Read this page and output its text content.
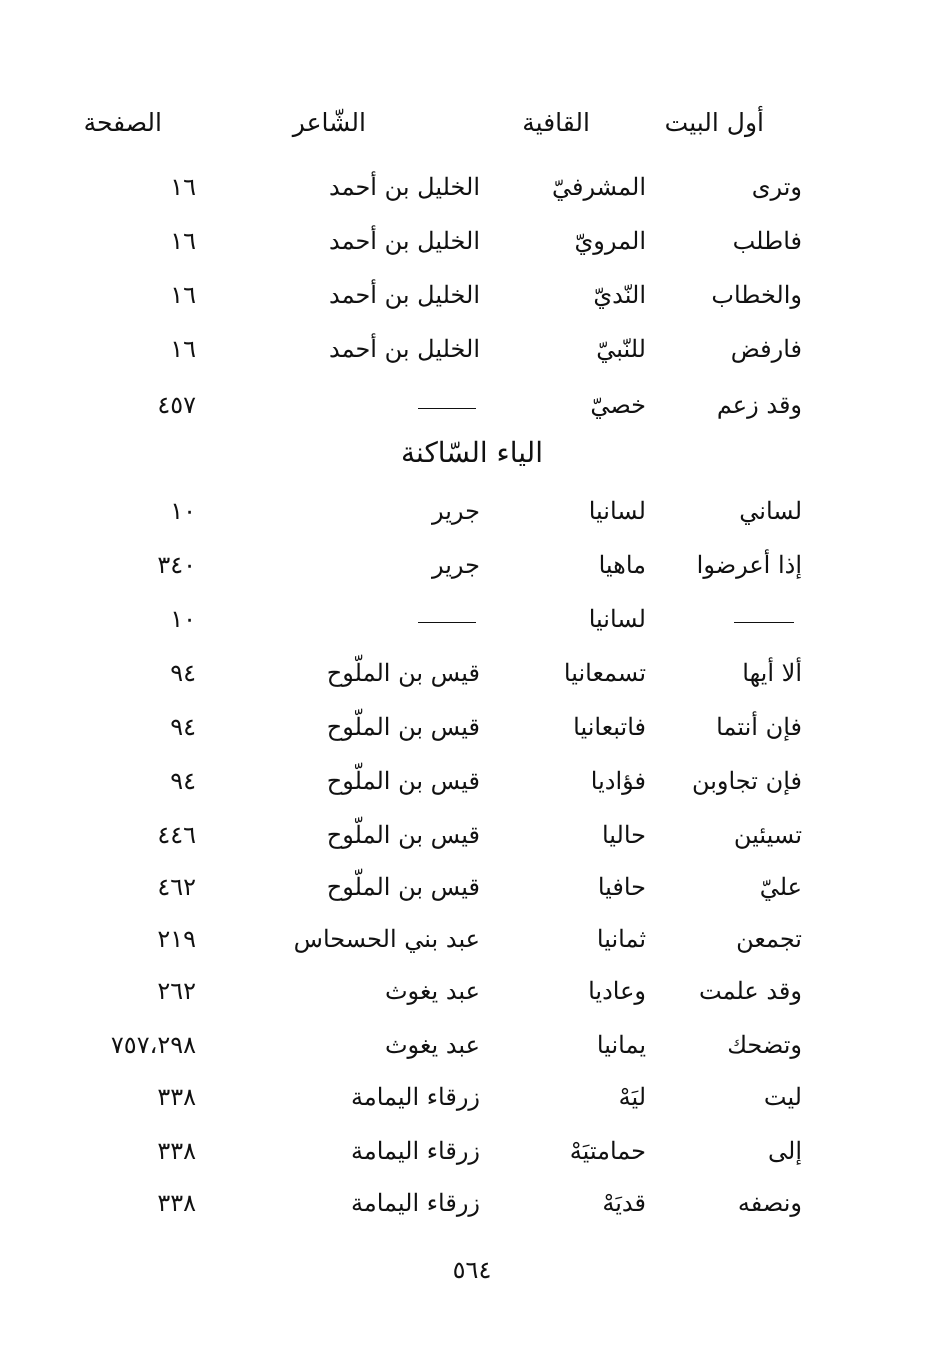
أول البيت
القافية
الشّاعر
الصفحة
وترى
المشرفيّ
الخليل بن أحمد
١٦
فاطلب
المرويّ
الخليل بن أحمد
١٦
والخطاب
النّديّ
الخليل بن أحمد
١٦
فارفض
للنّبيّ
الخليل بن أحمد
١٦
وقد زعم
خصيّ
٤٥٧
الياء السّاكنة
لساني
لسانيا
جرير
١٠
إذا أعرضوا
ماهيا
جرير
٣٤٠
لسانيا
١٠
ألا أيها
تسمعانيا
قيس بن الملّوح
٩٤
فإن أنتما
فاتبعانيا
قيس بن الملّوح
٩٤
فإن تجاوبن
فؤاديا
قيس بن الملّوح
٩٤
تسيئين
حاليا
قيس بن الملّوح
٤٤٦
عليّ
حافيا
قيس بن الملّوح
٤٦٢
تجمعن
ثمانيا
عبد بني الحسحاس
٢١٩
وقد علمت
وعاديا
عبد يغوث
٢٦٢
وتضحك
يمانيا
عبد يغوث
٧٥٧،٢٩٨
ليت
ليَهْ
زرقاء اليمامة
٣٣٨
إلى
حمامتيَهْ
زرقاء اليمامة
٣٣٨
ونصفه
قديَهْ
زرقاء اليمامة
٣٣٨
٥٦٤
